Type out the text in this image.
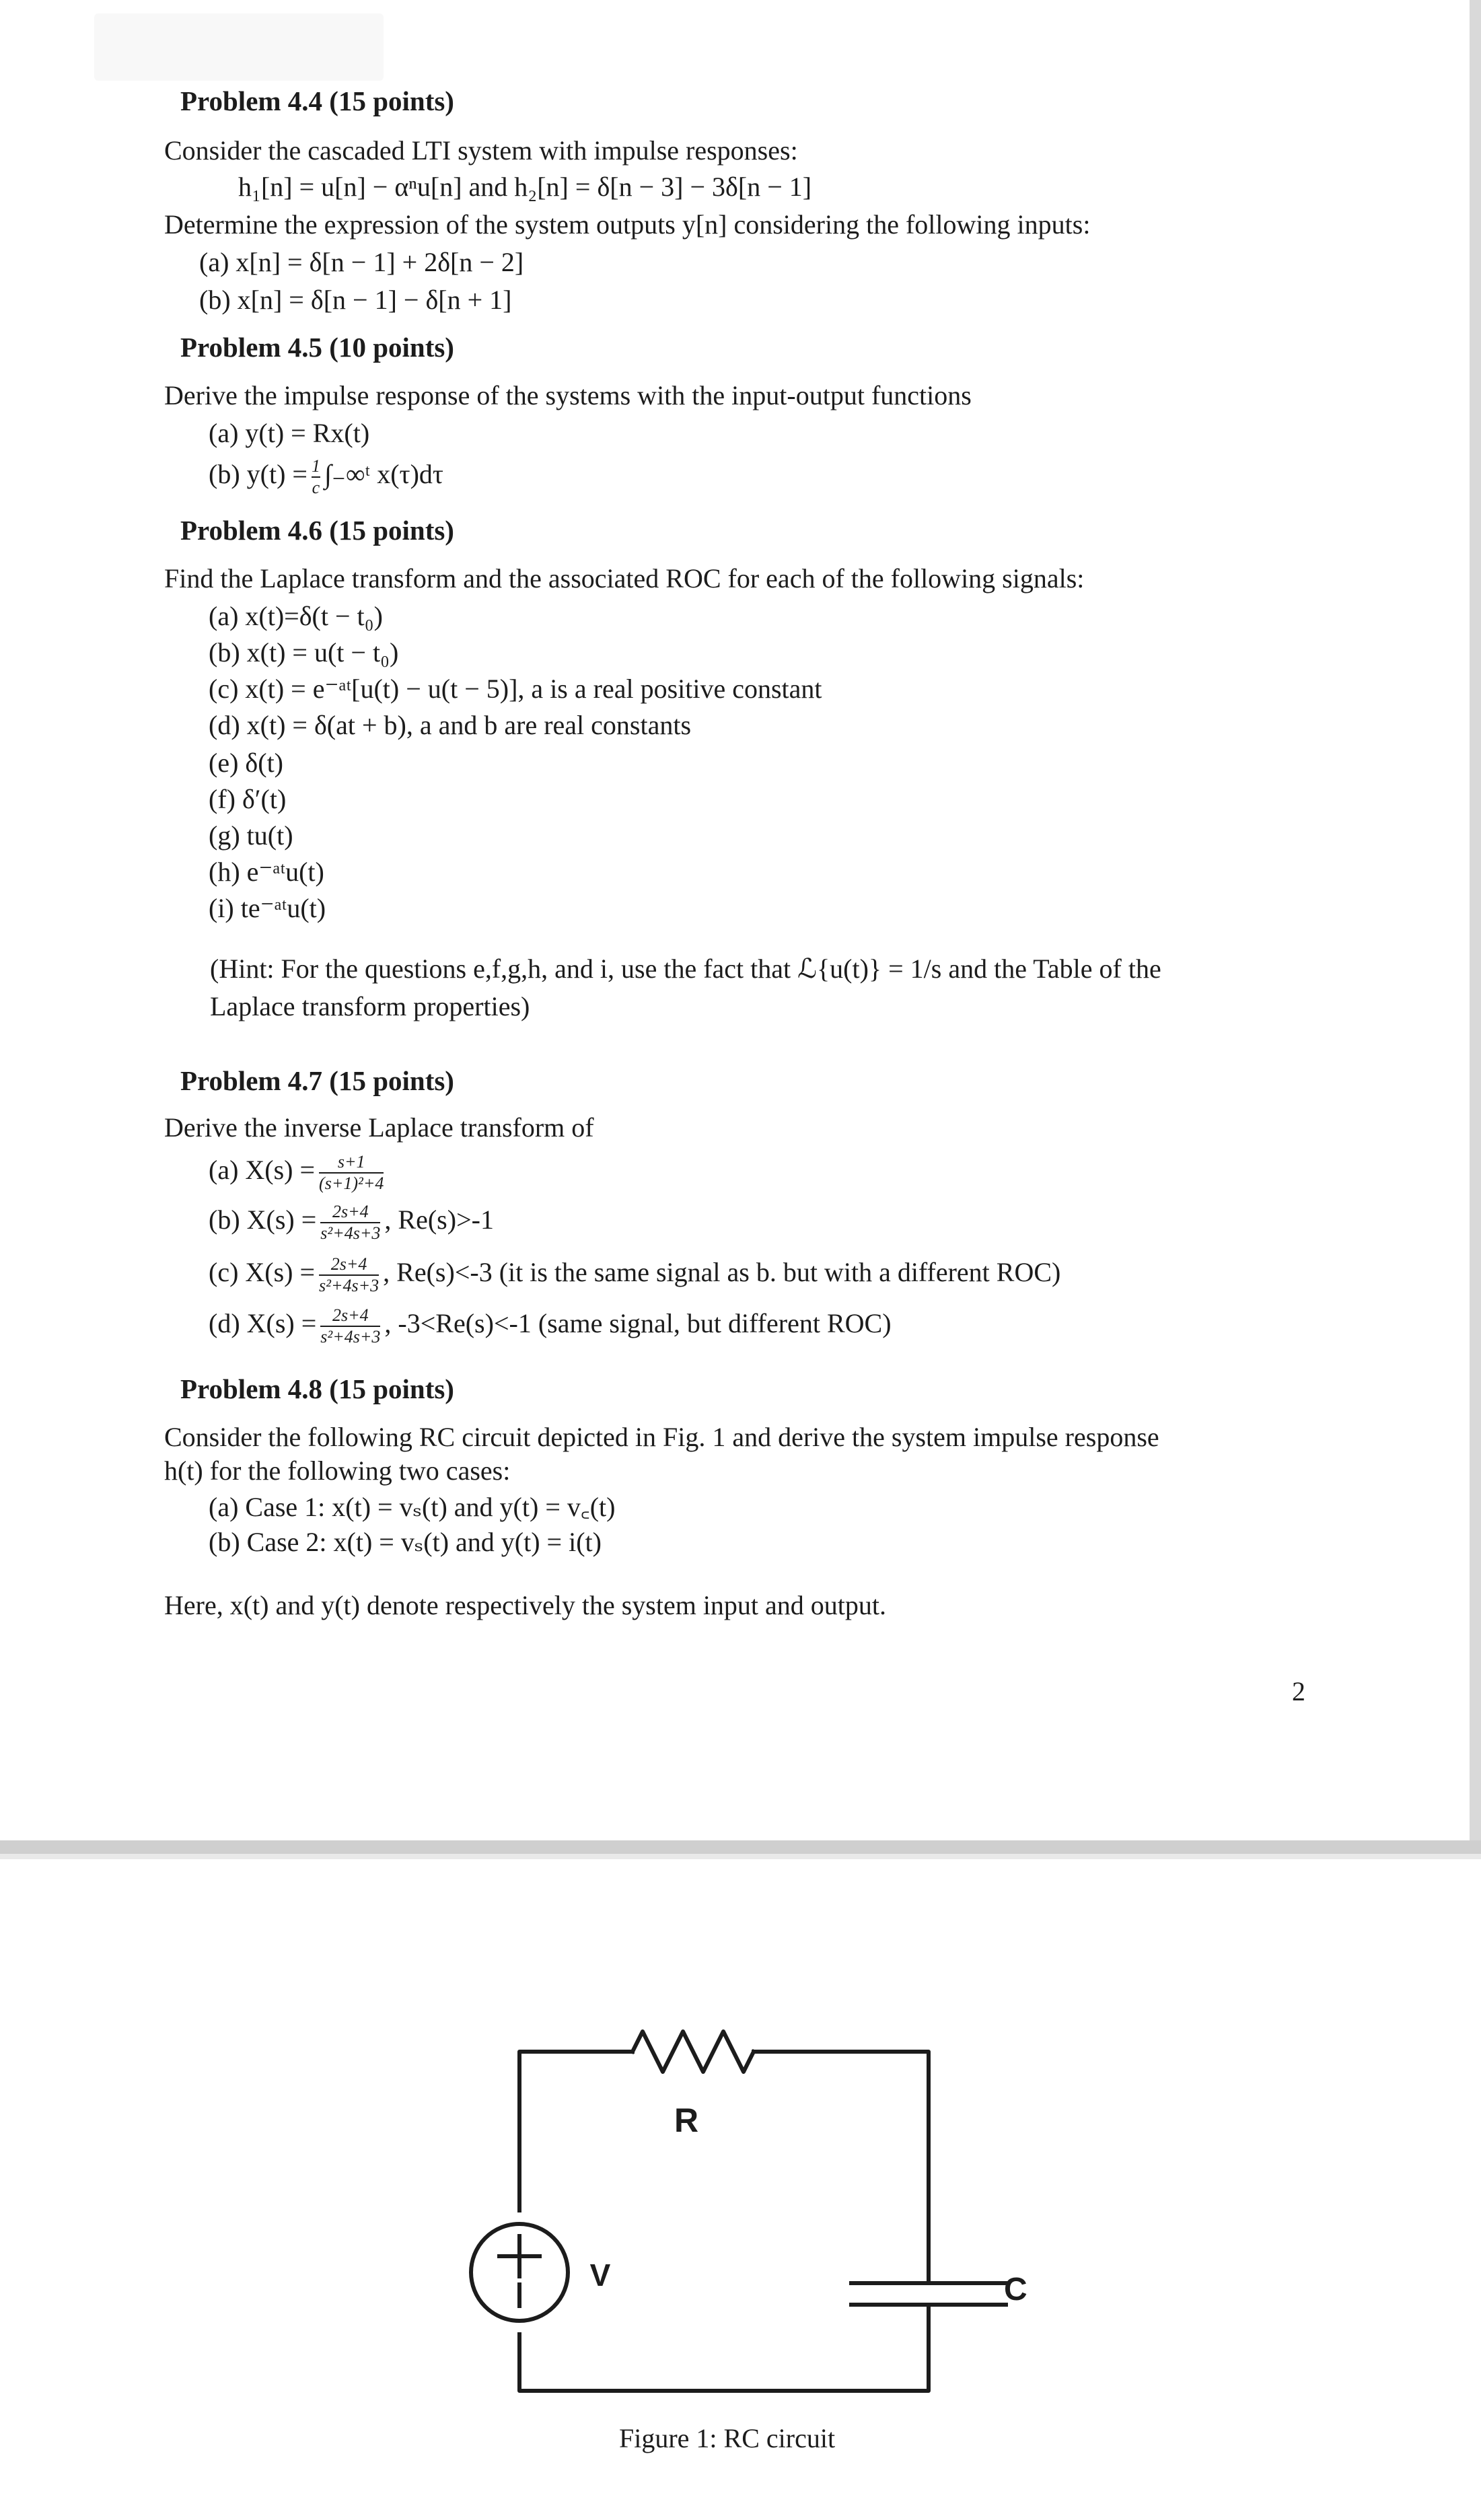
Problem 4.4 (15 points)
Consider the cascaded LTI system with impulse responses:
h₁[n] = u[n] − αⁿu[n] and h₂[n] = δ[n − 3] − 3δ[n − 1]
Determine the expression of the system outputs y[n] considering the following inputs:
(a) x[n] = δ[n − 1] + 2δ[n − 2]
(b) x[n] = δ[n − 1] − δ[n + 1]
Problem 4.5 (10 points)
Derive the impulse response of the systems with the input-output functions
(a) y(t) = Rx(t)
(b) $y(t) = \frac{1}{c}$ ∫₋∞ᵗ x(τ)dτ
Problem 4.6 (15 points)
Find the Laplace transform and the associated ROC for each of the following signals:
(a) x(t)=δ(t − t₀)
(b) x(t) = u(t − t₀)
(c) x(t) = e⁻ᵃᵗ[u(t) − u(t − 5)], a is a real positive constant
(d) x(t) = δ(at + b), a and b are real constants
(e) δ(t)
(f) δ′(t)
(g) tu(t)
(h) e⁻ᵃᵗu(t)
(i) te⁻ᵃᵗu(t)
(Hint: For the questions e,f,g,h, and i, use the fact that ℒ{u(t)} = 1/s and the Table of the
Laplace transform properties)
Problem 4.7 (15 points)
Derive the inverse Laplace transform of
(a) $X(s) = \frac{s+1}{\text{(s+1)²+4}}$
(b) $X(s) = \frac{2s+4}{\text{s²+4s+3}}$ , Re(s)>-1
(c) $X(s) = \frac{2s+4}{\text{s²+4s+3}}$ , Re(s)<-3 (it is the same signal as b. but with a different ROC)
(d) $X(s) = \frac{2s+4}{\text{s²+4s+3}}$ , -3<Re(s)<-1 (same signal, but different ROC)
Problem 4.8 (15 points)
Consider the following RC circuit depicted in Fig. 1 and derive the system impulse response
h(t) for the following two cases:
(a) Case 1: x(t) = vₛ(t) and y(t) = v꜀(t)
(b) Case 2: x(t) = vₛ(t) and y(t) = i(t)
Here, x(t) and y(t) denote respectively the system input and output.
2
R
V	C
Figure 1: RC circuit
